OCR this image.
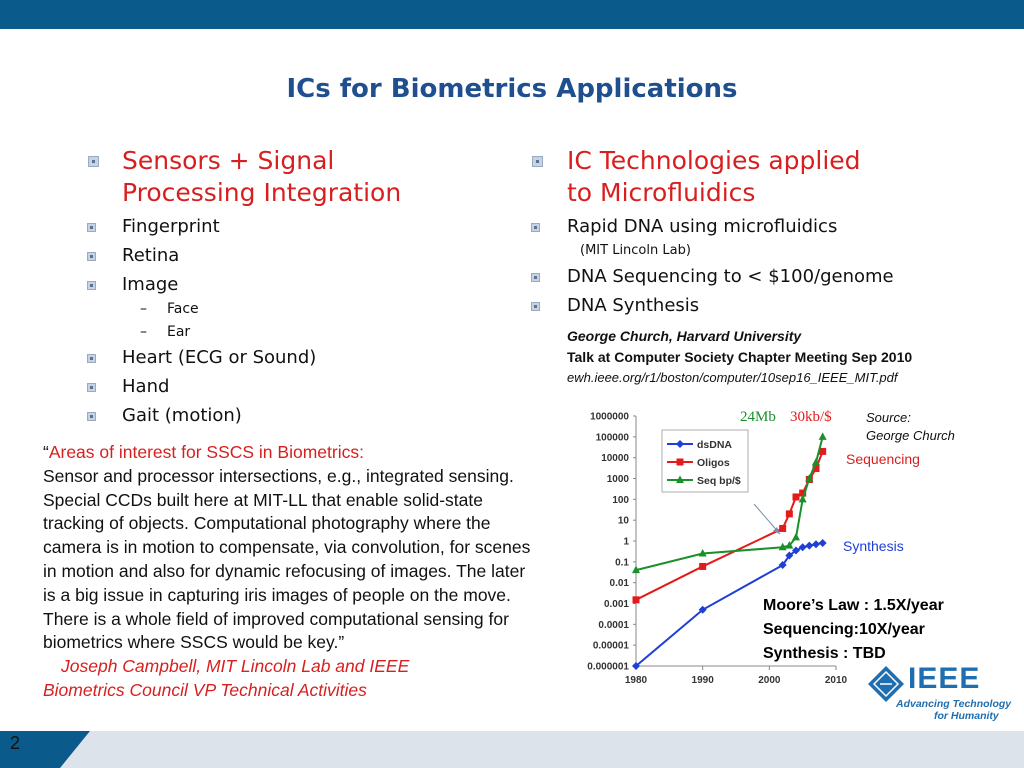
ICs for Biometrics Applications
Sensors + Signal
Processing Integration
Fingerprint
Retina
Image
– Face
– Ear
Heart (ECG or Sound)
Hand
Gait (motion)
“Areas of interest for SSCS in Biometrics:
Sensor and processor intersections, e.g., integrated sensing. Special CCDs built here at MIT-LL that enable solid-state tracking of objects. Computational photography where the camera is in motion to compensate, via convolution, for scenes in motion and also for dynamic refocusing of images. The later is a big issue in capturing iris images of people on the move. There is a whole field of improved computational sensing for biometrics where SSCS would be key.”
Joseph Campbell, MIT Lincoln Lab and IEEE
Biometrics Council VP Technical Activities
IC Technologies applied
to Microfluidics
Rapid DNA using microfluidics
(MIT Lincoln Lab)
DNA Sequencing to < $100/genome
DNA Synthesis
George Church, Harvard University
Talk at Computer Society Chapter Meeting Sep 2010
ewh.ieee.org/r1/boston/computer/10sep16_IEEE_MIT.pdf
1000000
100000
10000
1000
100
10
1
0.1
0.01
0.001
0.0001
0.00001
0.000001
1980	1990	2000	2010
dsDNA
Oligos
Seq bp/$
24Mb 30kb/$	Source:
George Church
Sequencing
Synthesis
Moore’s Law : 1.5X/year
Sequencing:10X/year
Synthesis : TBD
IEEE
Advancing Technology
for Humanity
2
